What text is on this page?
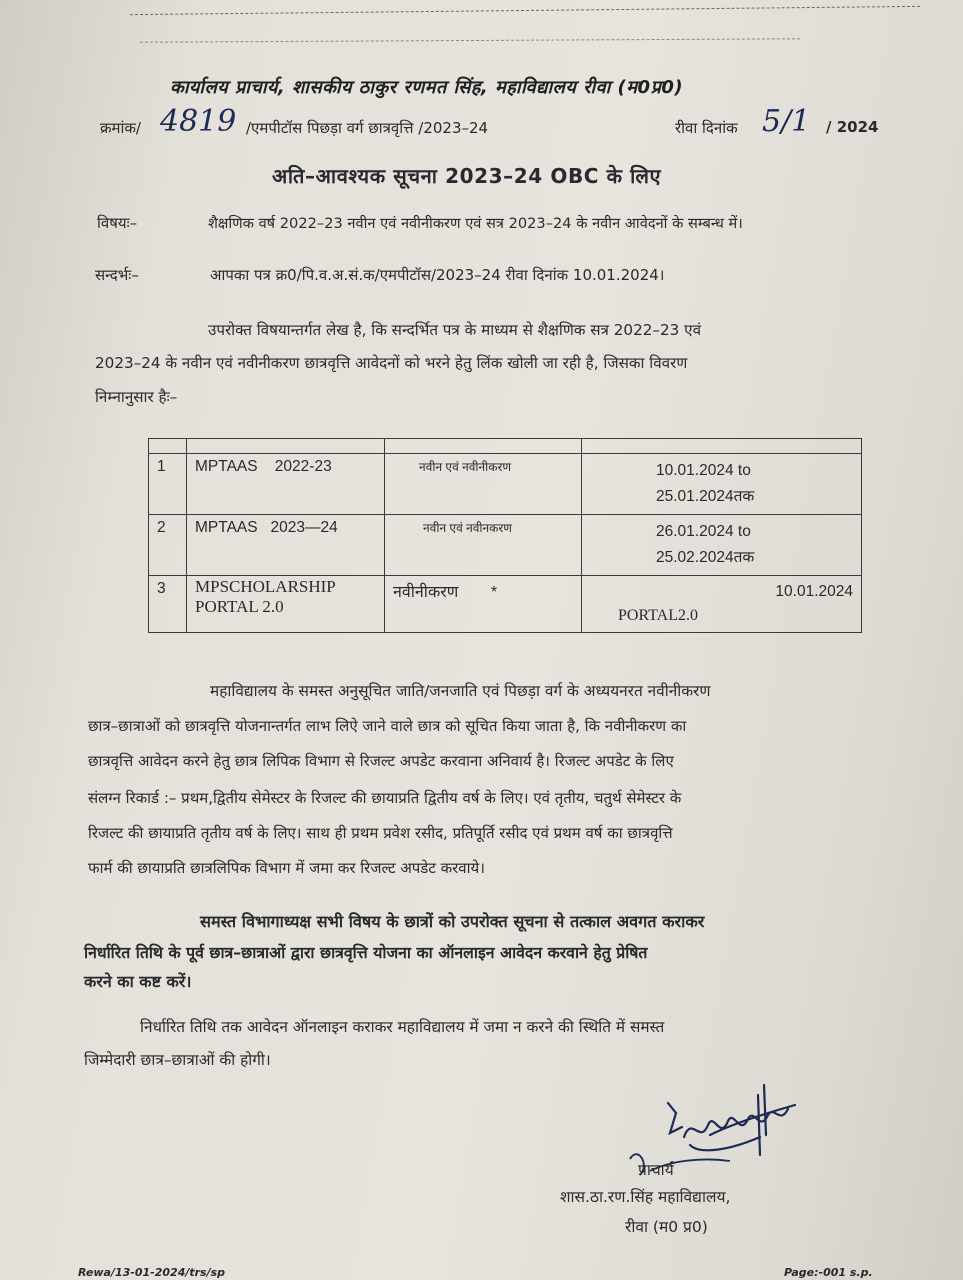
कार्यालय प्राचार्य, शासकीय ठाकुर रणमत सिंह, महाविद्यालय रीवा (म0प्र0)
क्रमांक/ 4819 /एमपीटॉस पिछड़ा वर्ग छात्रवृत्ति /2023–24	रीवा दिनांक 5/1 / 2024
अति–आवश्यक सूचना 2023–24 OBC के लिए
विषयः–	शैक्षणिक वर्ष 2022–23 नवीन एवं नवीनीकरण एवं सत्र 2023–24 के नवीन आवेदनों के सम्बन्ध में।
सन्दर्भः–	आपका पत्र क्र0/पि.व.अ.सं.क/एमपीटॉस/2023–24 रीवा दिनांक 10.01.2024।
उपरोक्त विषयान्तर्गत लेख है, कि सन्दर्भित पत्र के माध्यम से शैक्षणिक सत्र 2022–23 एवं
2023–24 के नवीन एवं नवीनीकरण छात्रवृत्ति आवेदनों को भरने हेतु लिंक खोली जा रही है, जिसका विवरण
निम्नानुसार हैः–

1	MPTAAS    2022-23	नवीन एवं नवीनीकरण	10.01.2024 to
25.01.2024तक

2	MPTAAS   2023—24	नवीन एवं नवीनकरण	26.01.2024 to
25.02.2024तक

3	MPSCHOLARSHIP PORTAL 2.0	नवीनीकरण *	10.01.2024
PORTAL2.0
महाविद्यालय के समस्त अनुसूचित जाति/जनजाति एवं पिछड़ा वर्ग के अध्ययनरत नवीनीकरण
छात्र–छात्राओं को छात्रवृत्ति योजनान्तर्गत लाभ लिऐ जाने वाले छात्र को सूचित किया जाता है, कि नवीनीकरण का
छात्रवृत्ति आवेदन करने हेतु छात्र लिपिक विभाग से रिजल्ट अपडेट करवाना अनिवार्य है। रिजल्ट अपडेट के लिए
संलग्न रिकार्ड :– प्रथम,द्वितीय सेमेस्टर के रिजल्ट की छायाप्रति द्वितीय वर्ष के लिए। एवं तृतीय, चतुर्थ सेमेस्टर के
रिजल्ट की छायाप्रति तृतीय वर्ष के लिए। साथ ही प्रथम प्रवेश रसीद, प्रतिपूर्ति रसीद एवं प्रथम वर्ष का छात्रवृत्ति
फार्म की छायाप्रति छात्रलिपिक विभाग में जमा कर रिजल्ट अपडेट करवाये।
समस्त विभागाध्यक्ष सभी विषय के छात्रों को उपरोक्त सूचना से तत्काल अवगत कराकर
निर्धारित तिथि के पूर्व छात्र–छात्राओं द्वारा छात्रवृत्ति योजना का ऑनलाइन आवेदन करवाने हेतु प्रेषित
करने का कष्ट करें।
निर्धारित तिथि तक आवेदन ऑनलाइन कराकर महाविद्यालय में जमा न करने की स्थिति में समस्त
जिम्मेदारी छात्र–छात्राओं की होगी।
प्राचार्य
शास.ठा.रण.सिंह महाविद्यालय,
रीवा (म0 प्र0)
Rewa/13-01-2024/trs/sp	Page:-001 s.p.
